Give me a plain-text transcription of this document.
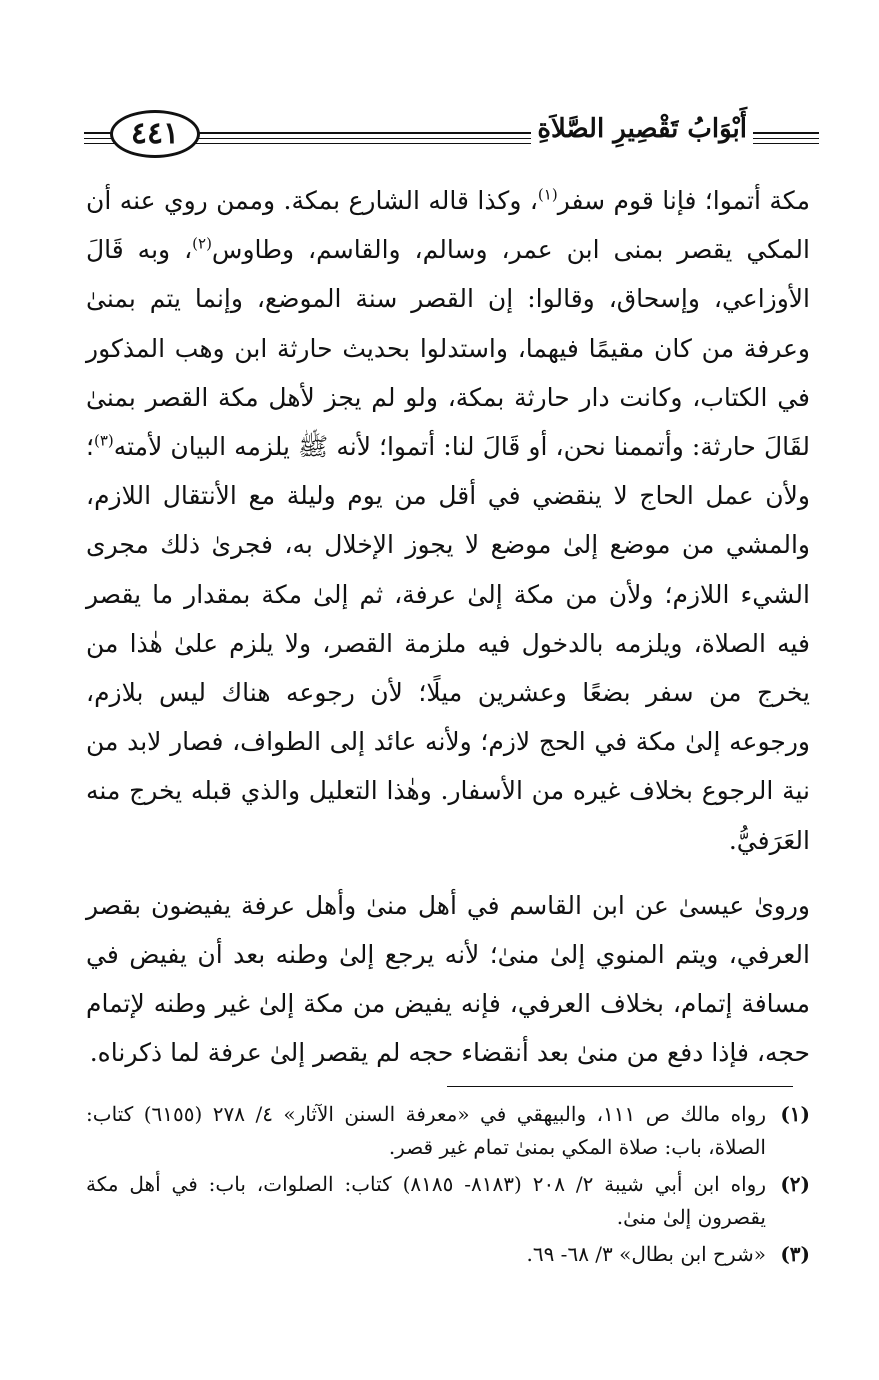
٤٤١	أَبْوَابُ تَقْصِيرِ الصَّلاَةِ

مكة أتموا؛ فإنا قوم سفر$^{(١)}$، وكذا قاله الشارع بمكة. وممن روي عنه أن المكي يقصر بمنى ابن عمر، وسالم، والقاسم، وطاوس$^{(٢)}$، وبه قَالَ الأوزاعي، وإسحاق، وقالوا: إن القصر سنة الموضع، وإنما يتم بمنىٰ وعرفة من كان مقيمًا فيهما، واستدلوا بحديث حارثة ابن وهب المذكور في الكتاب، وكانت دار حارثة بمكة، ولو لم يجز لأهل مكة القصر بمنىٰ لقَالَ حارثة: وأتممنا نحن، أو قَالَ لنا: أتموا؛ لأنه ﷺ يلزمه البيان لأمته$^{(٣)}$؛ ولأن عمل الحاج لا ينقضي في أقل من يوم وليلة مع الأنتقال اللازم، والمشي من موضع إلىٰ موضع لا يجوز الإخلال به، فجرىٰ ذلك مجرى الشيء اللازم؛ ولأن من مكة إلىٰ عرفة، ثم إلىٰ مكة بمقدار ما يقصر فيه الصلاة، ويلزمه بالدخول فيه ملزمة القصر، ولا يلزم علىٰ هٰذا من يخرج من سفر بضعًا وعشرين ميلًا؛ لأن رجوعه هناك ليس بلازم، ورجوعه إلىٰ مكة في الحج لازم؛ ولأنه عائد إلى الطواف، فصار لابد من نية الرجوع بخلاف غيره من الأسفار. وهٰذا التعليل والذي قبله يخرج منه العَرَفيُّ.

وروىٰ عيسىٰ عن ابن القاسم في أهل منىٰ وأهل عرفة يفيضون بقصر العرفي، ويتم المنوي إلىٰ منىٰ؛ لأنه يرجع إلىٰ وطنه بعد أن يفيض في مسافة إتمام، بخلاف العرفي، فإنه يفيض من مكة إلىٰ غير وطنه لإتمام حجه، فإذا دفع من منىٰ بعد أنقضاء حجه لم يقصر إلىٰ عرفة لما ذكرناه.

(١)
رواه مالك ص ١١١، والبيهقي في «معرفة السنن الآثار» ٤/ ٢٧٨ (٦١٥٥) كتاب: الصلاة، باب: صلاة المكي بمنىٰ تمام غير قصر.
(٢)
رواه ابن أبي شيبة ٢/ ٢٠٨ (٨١٨٣- ٨١٨٥) كتاب: الصلوات، باب: في أهل مكة يقصرون إلىٰ منىٰ.
(٣)
«شرح ابن بطال» ٣/ ٦٨- ٦٩.
